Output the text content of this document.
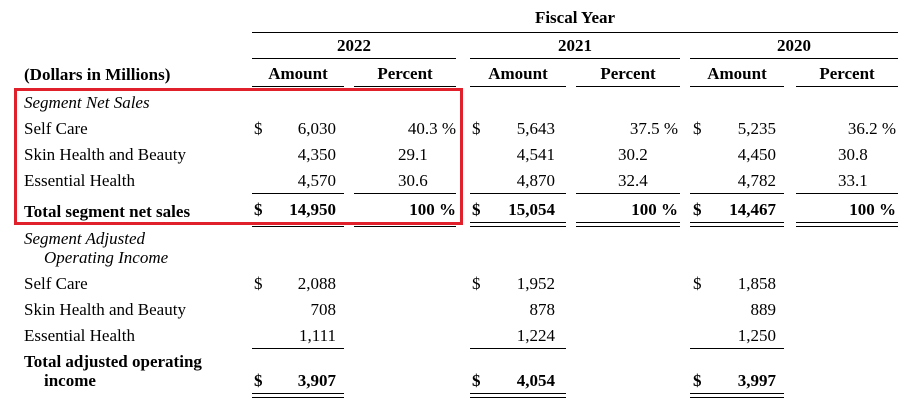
Fiscal Year
2022	2021	2020
(Dollars in Millions)	Amount	Percent	Amount	Percent	Amount	Percent
Segment Net Sales
Self Care	$	6,030	40.3 % $	5,643	37.5 % $	5,235	36.2 %
Skin Health and Beauty	4,350	29.1	4,541	30.2	4,450	30.8
Essential Health	4,570	30.6	4,870	32.4	4,782	33.1
Total segment net sales	$	14,950	100 % $	15,054	100 % $	14,467	100 %
Segment Adjusted
Operating Income
Self Care	$	2,088	$	1,952	$	1,858
Skin Health and Beauty	708	878	889
Essential Health	1,111	1,224	1,250
Total adjusted operating
income	$	3,907	$	4,054	$	3,997
